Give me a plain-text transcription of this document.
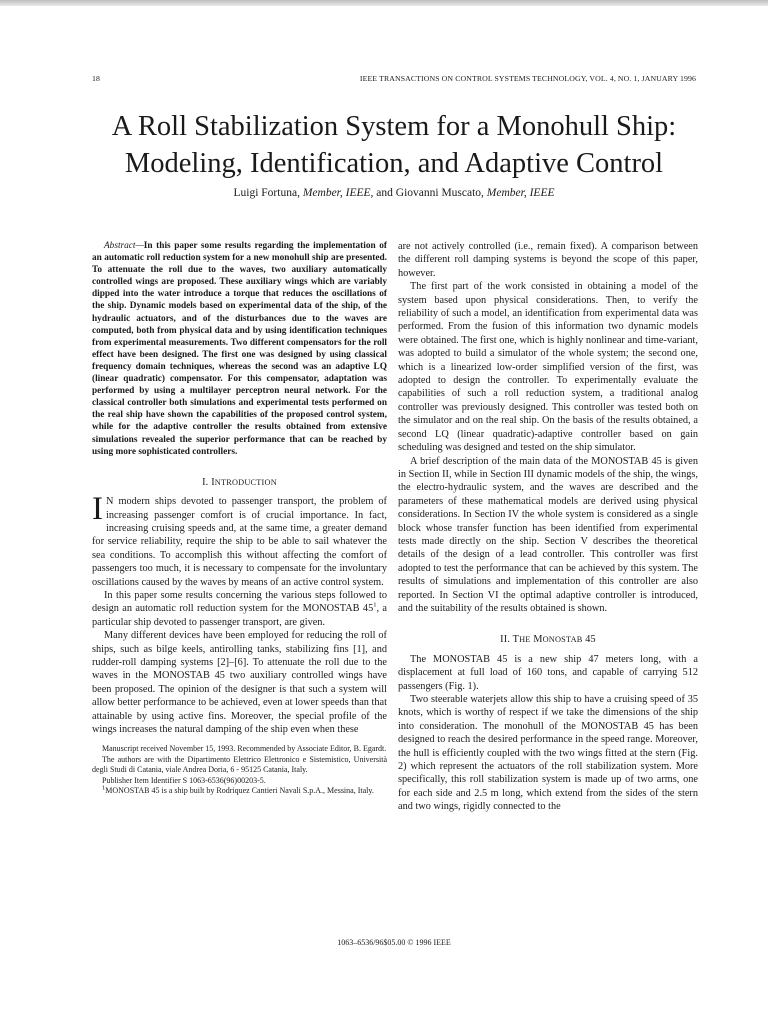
18	IEEE TRANSACTIONS ON CONTROL SYSTEMS TECHNOLOGY, VOL. 4, NO. 1, JANUARY 1996
A Roll Stabilization System for a Monohull Ship:
Modeling, Identification, and Adaptive Control
Luigi Fortuna, Member, IEEE, and Giovanni Muscato, Member, IEEE

Abstract—In this paper some results regarding the implementation of an automatic roll reduction system for a new monohull ship are presented. To attenuate the roll due to the waves, two auxiliary automatically controlled wings are proposed. These auxiliary wings which are variably dipped into the water introduce a torque that reduces the oscillations of the ship. Dynamic models based on experimental data of the ship, of the hydraulic actuators, and of the disturbances due to the waves are computed, both from physical data and by using identification techniques from experimental measurements. Two different compensators for the roll effect have been designed. The first one was designed by using classical frequency domain techniques, whereas the second was an adaptive LQ (linear quadratic) compensator. For this compensator, adaptation was performed by using a multilayer perceptron neural network. For the classical controller both simulations and experimental tests performed on the real ship have shown the capabilities of the proposed control system, while for the adaptive controller the results obtained from extensive simulations revealed the superior performance that can be reached by using more sophisticated controllers.

I. INTRODUCTION

I N modern ships devoted to passenger transport, the problem of increasing passenger comfort is of crucial importance. In fact, increasing cruising speeds and, at the same time, a greater demand for service reliability, require the ship to be able to sail whatever the sea conditions. To accomplish this without affecting the comfort of passengers too much, it is necessary to compensate for the involuntary oscillations caused by the waves by means of an active control system.

In this paper some results concerning the various steps followed to design an automatic roll reduction system for the MONOSTAB $45^1$, a particular ship devoted to passenger transport, are given.

Many different devices have been employed for reducing the roll of ships, such as bilge keels, antirolling tanks, stabilizing fins [1], and rudder-roll damping systems [2]–[6]. To attenuate the roll due to the waves in the MONOSTAB 45 two auxiliary controlled wings have been proposed. The opinion of the designer is that such a system will allow better performance to be achieved, even at lower speeds than that attainable by using active fins. Moreover, the special profile of the wings increases the natural damping of the ship even when these

Manuscript received November 15, 1993. Recommended by Associate Editor, B. Egardt.

The authors are with the Dipartimento Elettrico Elettronico e Sistemistico, Università degli Studi di Catania, viale Andrea Doria, 6 - 95125 Catania, Italy.

Publisher Item Identifier S 1063-6536(96)00203-5.

$^1$MONOSTAB 45 is a ship built by Rodriquez Cantieri Navali S.p.A., Messina, Italy.

are not actively controlled (i.e., remain fixed). A comparison between the different roll damping systems is beyond the scope of this paper, however.

The first part of the work consisted in obtaining a model of the system based upon physical considerations. Then, to verify the reliability of such a model, an identification from experimental data was performed. From the fusion of this information two dynamic models were obtained. The first one, which is highly nonlinear and time-variant, was adopted to build a simulator of the whole system; the second one, which is a linearized low-order simplified version of the first, was adopted to design the controller. To experimentally evaluate the capabilities of such a roll reduction system, a traditional analog controller was previously designed. This controller was tested both on the simulator and on the real ship. On the basis of the results obtained, a second LQ (linear quadratic)-adaptive controller based on gain scheduling was designed and tested on the ship simulator.

A brief description of the main data of the MONOSTAB 45 is given in Section II, while in Section III dynamic models of the ship, the wings, the electro-hydraulic system, and the waves are described and the parameters of these mathematical models are derived using physical considerations. In Section IV the whole system is considered as a single block whose transfer function has been identified from experimental tests made directly on the ship. Section V describes the theoretical details of the design of a lead controller. This controller was first adopted to test the performance that can be achieved by this system. The results of simulations and implementation of this controller are also reported. In Section VI the optimal adaptive controller is introduced, and the suitability of the results obtained is shown.

II. THE MONOSTAB 45

The MONOSTAB 45 is a new ship 47 meters long, with a displacement at full load of 160 tons, and capable of carrying 512 passengers (Fig. 1).

Two steerable waterjets allow this ship to have a cruising speed of 35 knots, which is worthy of respect if we take the dimensions of the ship into consideration. The monohull of the MONOSTAB 45 has been designed to reach the desired performance in the speed range. Moreover, the hull is efficiently coupled with the two wings fitted at the stern (Fig. 2) which represent the actuators of the roll stabilization system. More specifically, this roll stabilization system is made up of two arms, one for each side and 2.5 m long, which extend from the sides of the stern and two wings, rigidly connected to the

1063–6536/96$05.00 © 1996 IEEE
